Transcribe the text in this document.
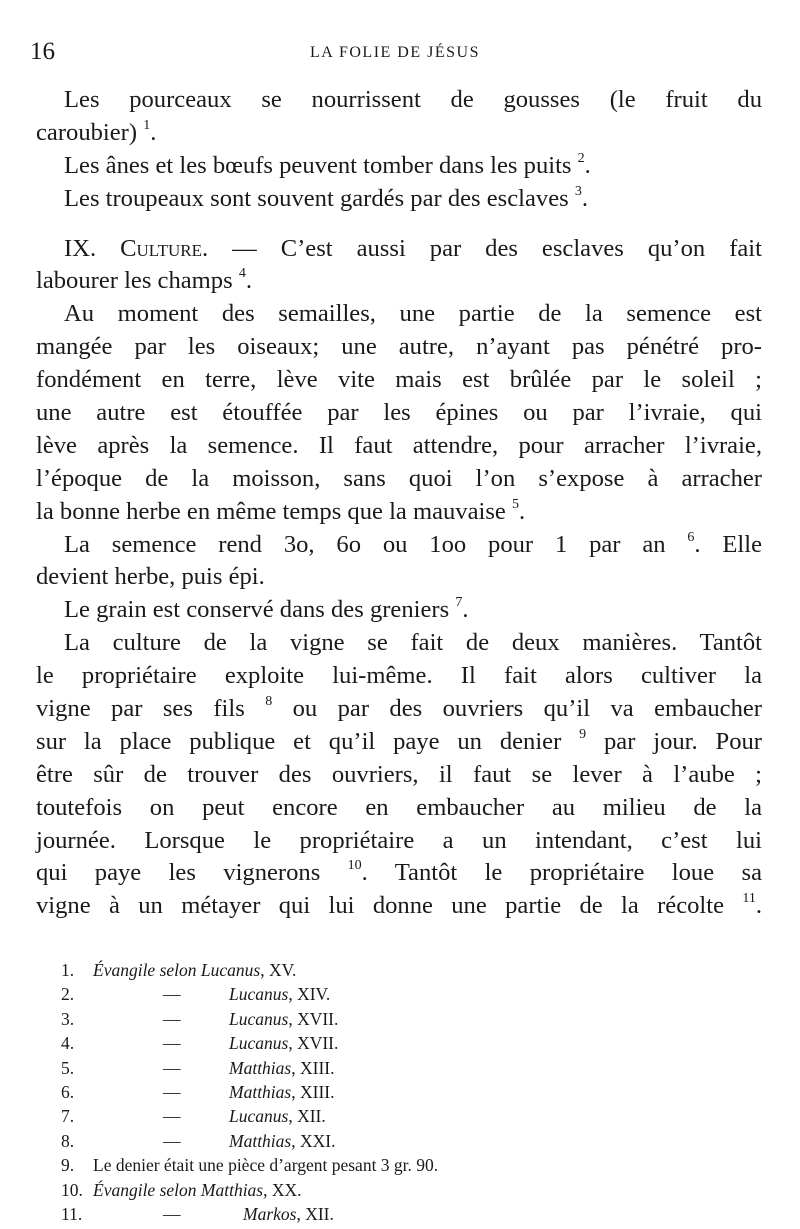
16	LA FOLIE DE JÉSUS
Les pourceaux se nourrissent de gousses (le fruit du
caroubier) $^1$.
Les ânes et les bœufs peuvent tomber dans les puits $^2$.
Les troupeaux sont souvent gardés par des esclaves $^3$.
IX. Culture. — C’est aussi par des esclaves qu’on fait
labourer les champs $^4$.
Au moment des semailles, une partie de la semence est
mangée par les oiseaux; une autre, n’ayant pas pénétré pro-
fondément en terre, lève vite mais est brûlée par le soleil ;
une autre est étouffée par les épines ou par l’ivraie, qui
lève après la semence. Il faut attendre, pour arracher l’ivraie,
l’époque de la moisson, sans quoi l’on s’expose à arracher
la bonne herbe en même temps que la mauvaise $^5$.
La semence rend 3o, 6o ou 1oo pour 1 par an $^6$. Elle
devient herbe, puis épi.
Le grain est conservé dans des greniers $^7$.
La culture de la vigne se fait de deux manières. Tantôt
le propriétaire exploite lui-même. Il fait alors cultiver la
vigne par ses fils $^8$ ou par des ouvriers qu’il va embaucher
sur la place publique et qu’il paye un denier $^9$ par jour. Pour
être sûr de trouver des ouvriers, il faut se lever à l’aube ;
toutefois on peut encore en embaucher au milieu de la
journée. Lorsque le propriétaire a un intendant, c’est lui
qui paye les vignerons $^{10}$. Tantôt le propriétaire loue sa
vigne à un métayer qui lui donne une partie de la récolte $^{11}$.
1. Évangile selon Lucanus, XV.
2.	—	Lucanus, XIV.
3.	—	Lucanus, XVII.
4.	—	Lucanus, XVII.
5.	—	Matthias, XIII.
6.	—	Matthias, XIII.
7.	—	Lucanus, XII.
8.	—	Matthias, XXI.
9. Le denier était une pièce d’argent pesant 3 gr. 90.
10. Évangile selon Matthias, XX.
11.	—	Markos, XII.
